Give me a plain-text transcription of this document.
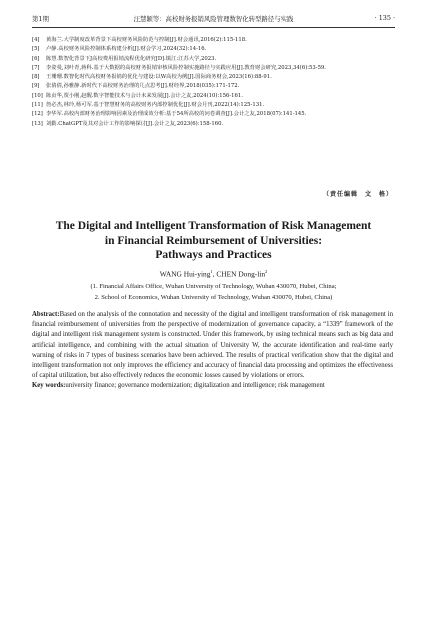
第1期	汪慧颖等：高校财务报销风险管理数智化转型路径与实践	· 135 ·
[4]	黄海兰.大学制度改革背景下高校财务风险防范与控制[J].财会通讯,2016(2):115-118.
[5]	卢静.高校财务风险控制体系构建分析[J].财会学习,2024(32):14-16.
[6]	陈慧.数智化背景下J高校费用报销流程优化研究[D].镇江:江苏大学,2023.
[7]	李姿曼,刘叶青,蒋科.基于大数据的高校财务报销审核风险控制实施路径与实践应用[J].教育财会研究,2023,34(6):53-59.
[8]	王珊珊.数智化时代高校财务报销的优化与建设:以W高校为例[J].国际商务财会,2023(16):88-91.
[9]	张倩倩,孙雅静.新时代下高校财务治理的几点思考[J].财经界,2018(035):171-172.
[10] 陈贞华,贾小刚,赵醒.数字智能技术与会计未来发展[J].会计之友,2024(10):156-161.
[11] 詹必杰,林玲,杨可军.基于智慧财务的高校财务内部控制优化[J].财会月刊,2022(14):125-131.
[12] 李华军.高校内部财务治理影响因素及治理成效分析:基于54所高校的问卷调查[J].会计之友,2018(07):141-145.
[13] 刘勤.ChatGPT及其对会计工作的影响探讨[J].会计之友,2023(6):158-160.
（责任编辑　文　格）
The Digital and Intelligent Transformation of Risk Management
in Financial Reimbursement of Universities:
Pathways and Practices
WANG Hui-ying$^1$, CHEN Dong-lin$^2$
(1. Financial Affairs Office, Wuhan University of Technology, Wuhan 430070, Hubei, China;
2. School of Economics, Wuhan University of Technology, Wuhan 430070, Hubei, China)
Abstract:Based on the analysis of the connotation and necessity of the digital and intelligent transformation of risk management in financial reimbursement of universities from the perspective of modernization of governance capacity, a “1339” framework of the digital and intelligent risk management system is constructed. Under this framework, by using technical means such as big data and artificial intelligence, and combining with the actual situation of University W, the accurate identification and real-time early warning of risks in 7 types of business scenarios have been achieved. The results of practical verification show that the digital and intelligent transformation not only improves the efficiency and accuracy of financial data processing and optimizes the effectiveness of capital utilization, but also effectively reduces the economic losses caused by violations or errors.
Key words:university finance; governance modernization; digitalization and intelligence; risk management
